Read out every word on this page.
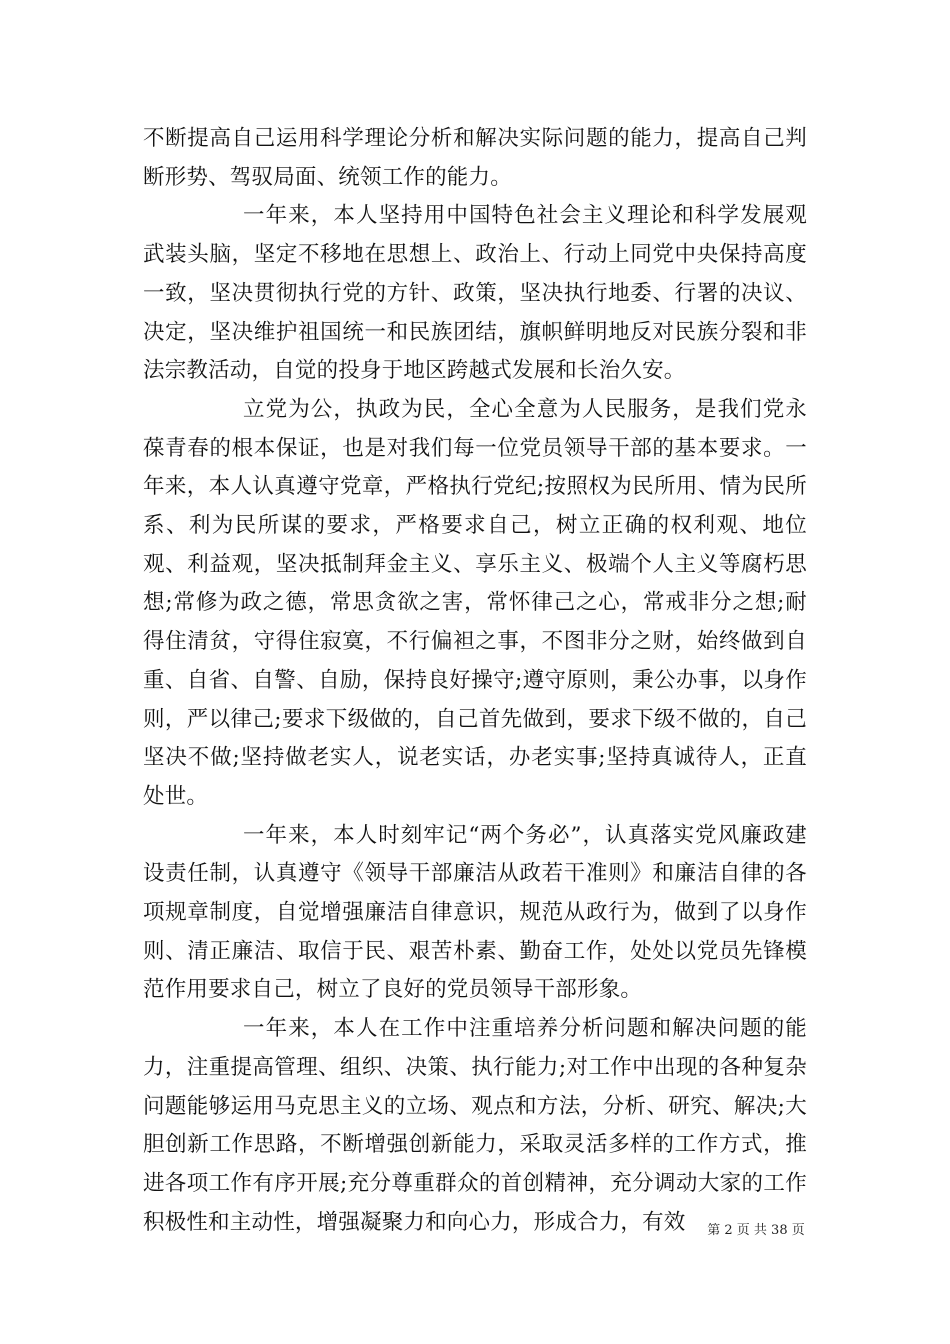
不断提高自己运用科学理论分析和解决实际问题的能力，提高自己判断形势、驾驭局面、统领工作的能力。

一年来，本人坚持用中国特色社会主义理论和科学发展观武装头脑，坚定不移地在思想上、政治上、行动上同党中央保持高度一致，坚决贯彻执行党的方针、政策，坚决执行地委、行署的决议、决定，坚决维护祖国统一和民族团结，旗帜鲜明地反对民族分裂和非法宗教活动，自觉的投身于地区跨越式发展和长治久安。

立党为公，执政为民，全心全意为人民服务，是我们党永葆青春的根本保证，也是对我们每一位党员领导干部的基本要求。一年来，本人认真遵守党章，严格执行党纪;按照权为民所用、情为民所系、利为民所谋的要求，严格要求自己，树立正确的权利观、地位观、利益观，坚决抵制拜金主义、享乐主义、极端个人主义等腐朽思想;常修为政之德，常思贪欲之害，常怀律己之心，常戒非分之想;耐得住清贫，守得住寂寞，不行偏袒之事，不图非分之财，始终做到自重、自省、自警、自励，保持良好操守;遵守原则，秉公办事，以身作则，严以律己;要求下级做的，自己首先做到，要求下级不做的，自己坚决不做;坚持做老实人，说老实话，办老实事;坚持真诚待人，正直处世。

一年来，本人时刻牢记“两个务必”，认真落实党风廉政建设责任制，认真遵守《领导干部廉洁从政若干准则》和廉洁自律的各项规章制度，自觉增强廉洁自律意识，规范从政行为，做到了以身作则、清正廉洁、取信于民、艰苦朴素、勤奋工作，处处以党员先锋模范作用要求自己，树立了良好的党员领导干部形象。

一年来，本人在工作中注重培养分析问题和解决问题的能力，注重提高管理、组织、决策、执行能力;对工作中出现的各种复杂问题能够运用马克思主义的立场、观点和方法，分析、研究、解决;大胆创新工作思路，不断增强创新能力，采取灵活多样的工作方式，推进各项工作有序开展;充分尊重群众的首创精神，充分调动大家的工作积极性和主动性，增强凝聚力和向心力，形成合力，有效	第 2 页 共 38 页
